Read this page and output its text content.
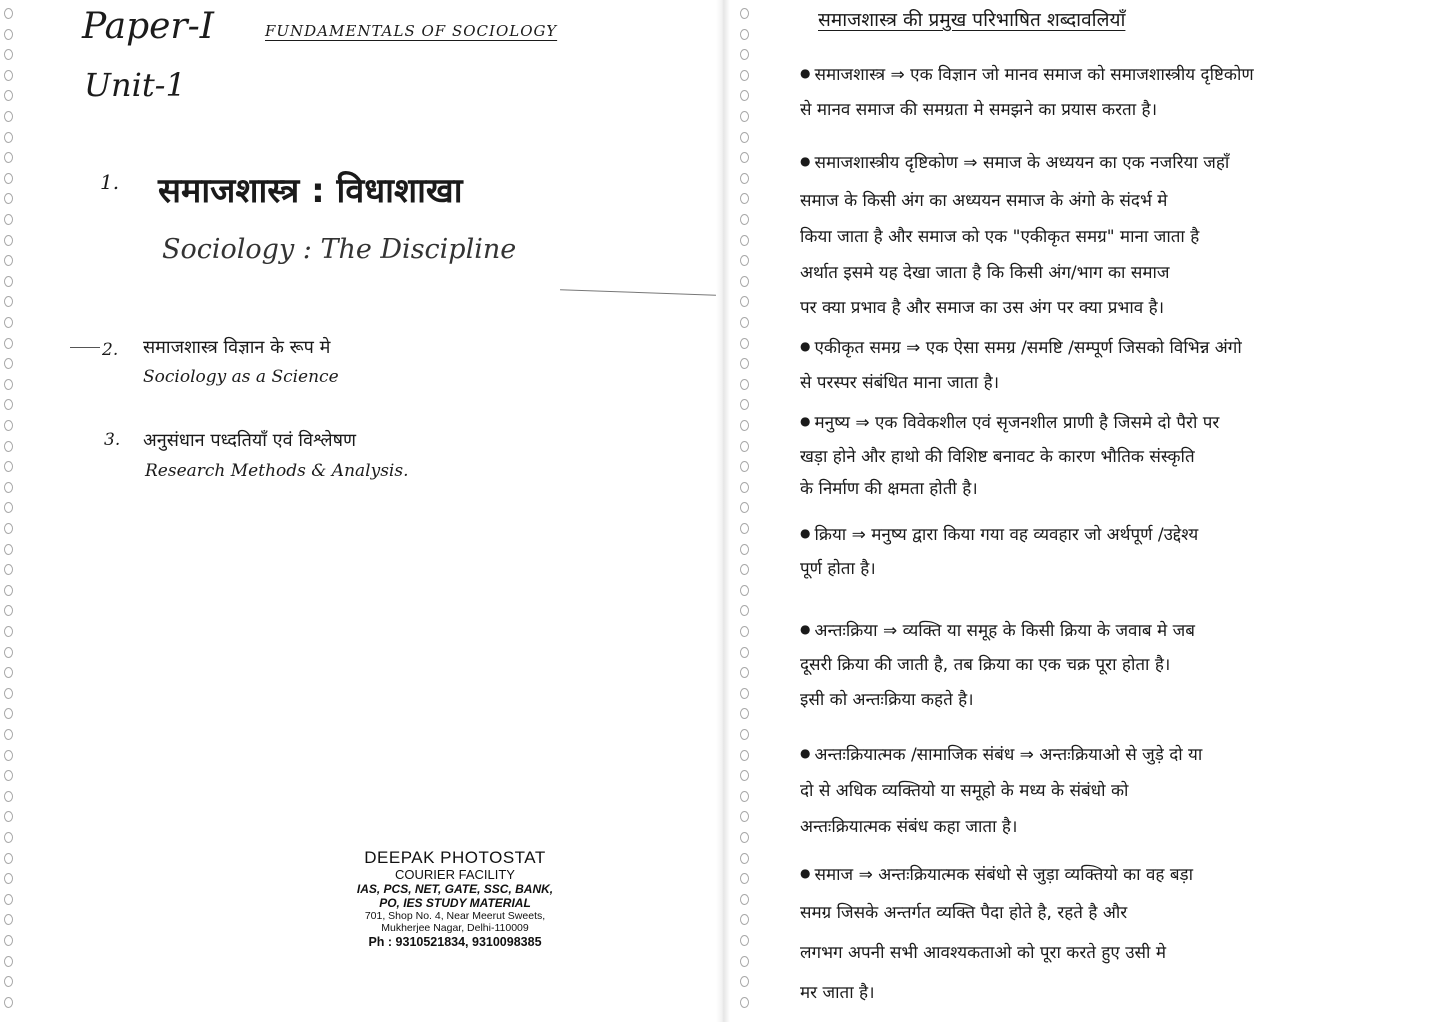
Paper-I	FUNDAMENTALS OF SOCIOLOGY
Unit-1
1. समाजशास्त्र : विधाशाखा
Sociology : The Discipline
2. समाजशास्त्र विज्ञान के रूप मे
Sociology as a Science
3. अनुसंधान पध्दतियाँ एवं विश्लेषण
Research Methods & Analysis.
DEEPAK PHOTOSTAT
COURIER FACILITY
IAS, PCS, NET, GATE, SSC, BANK,
PO, IES STUDY MATERIAL
701, Shop No. 4, Near Meerut Sweets,
Mukherjee Nagar, Delhi-110009
Ph : 9310521834, 9310098385
समाजशास्त्र की प्रमुख परिभाषित शब्दावलियाँ
● समाजशास्त्र ⇒ एक विज्ञान जो मानव समाज को समाजशास्त्रीय दृष्टिकोण
से मानव समाज की समग्रता मे समझने का प्रयास करता है।
● समाजशास्त्रीय दृष्टिकोण ⇒ समाज के अध्ययन का एक नजरिया जहाँ
समाज के किसी अंग का अध्ययन समाज के अंगो के संदर्भ मे
किया जाता है और समाज को एक "एकीकृत समग्र" माना जाता है
अर्थात इसमे यह देखा जाता है कि किसी अंग/भाग का समाज
पर क्या प्रभाव है और समाज का उस अंग पर क्या प्रभाव है।
● एकीकृत समग्र ⇒ एक ऐसा समग्र /समष्टि /सम्पूर्ण जिसको विभिन्न अंगो
से परस्पर संबंधित माना जाता है।
● मनुष्य ⇒ एक विवेकशील एवं सृजनशील प्राणी है जिसमे दो पैरो पर
खड़ा होने और हाथो की विशिष्ट बनावट के कारण भौतिक संस्कृति
के निर्माण की क्षमता होती है।
● क्रिया ⇒ मनुष्य द्वारा किया गया वह व्यवहार जो अर्थपूर्ण /उद्देश्य
पूर्ण होता है।
● अन्तःक्रिया ⇒ व्यक्ति या समूह के किसी क्रिया के जवाब मे जब
दूसरी क्रिया की जाती है, तब क्रिया का एक चक्र पूरा होता है।
इसी को अन्तःक्रिया कहते है।
● अन्तःक्रियात्मक /सामाजिक संबंध ⇒ अन्तःक्रियाओ से जुड़े दो या
दो से अधिक व्यक्तियो या समूहो के मध्य के संबंधो को
अन्तःक्रियात्मक संबंध कहा जाता है।
● समाज ⇒ अन्तःक्रियात्मक संबंधो से जुड़ा व्यक्तियो का वह बड़ा
समग्र जिसके अन्तर्गत व्यक्ति पैदा होते है, रहते है और
लगभग अपनी सभी आवश्यकताओ को पूरा करते हुए उसी मे
मर जाता है।
